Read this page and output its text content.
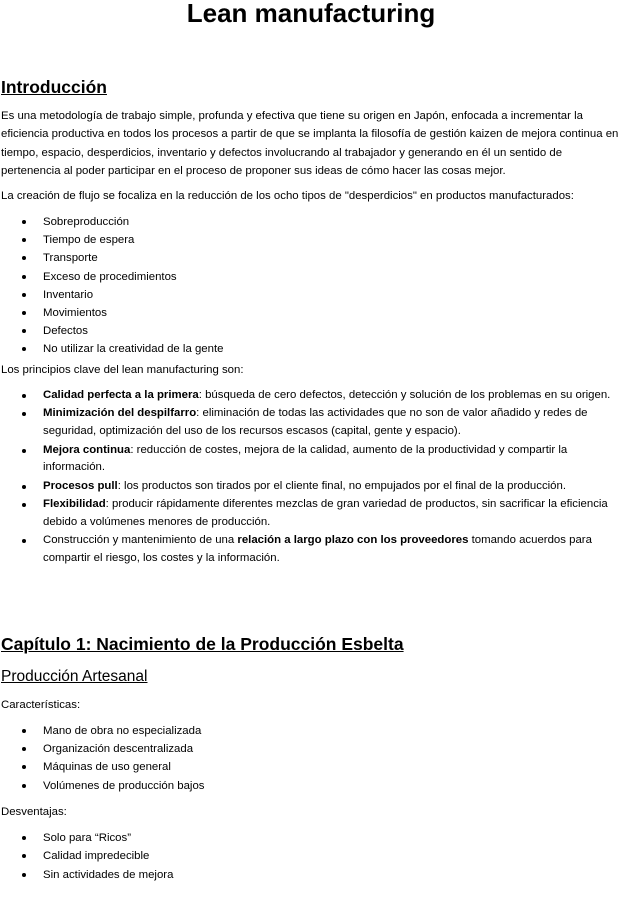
Lean manufacturing
Introducción

Es una metodología de trabajo simple, profunda y efectiva que tiene su origen en Japón, enfocada a incrementar la eficiencia productiva en todos los procesos a partir de que se implanta la filosofía de gestión kaizen de mejora continua en tiempo, espacio, desperdicios, inventario y defectos involucrando al trabajador y generando en él un sentido de pertenencia al poder participar en el proceso de proponer sus ideas de cómo hacer las cosas mejor.

La creación de flujo se focaliza en la reducción de los ocho tipos de "desperdicios" en productos manufacturados:

Sobreproducción
Tiempo de espera
Transporte
Exceso de procedimientos
Inventario
Movimientos
Defectos
No utilizar la creatividad de la gente

Los principios clave del lean manufacturing son:

Calidad perfecta a la primera: búsqueda de cero defectos, detección y solución de los problemas en su origen.
Minimización del despilfarro: eliminación de todas las actividades que no son de valor añadido y redes de seguridad, optimización del uso de los recursos escasos (capital, gente y espacio).
Mejora continua: reducción de costes, mejora de la calidad, aumento de la productividad y compartir la información.
Procesos pull: los productos son tirados por el cliente final, no empujados por el final de la producción.
Flexibilidad: producir rápidamente diferentes mezclas de gran variedad de productos, sin sacrificar la eficiencia debido a volúmenes menores de producción.
Construcción y mantenimiento de una relación a largo plazo con los proveedores tomando acuerdos para compartir el riesgo, los costes y la información.
Capítulo 1: Nacimiento de la Producción Esbelta
Producción Artesanal

Características:

Mano de obra no especializada
Organización descentralizada
Máquinas de uso general
Volúmenes de producción bajos

Desventajas:

Solo para “Ricos”
Calidad impredecible
Sin actividades de mejora
